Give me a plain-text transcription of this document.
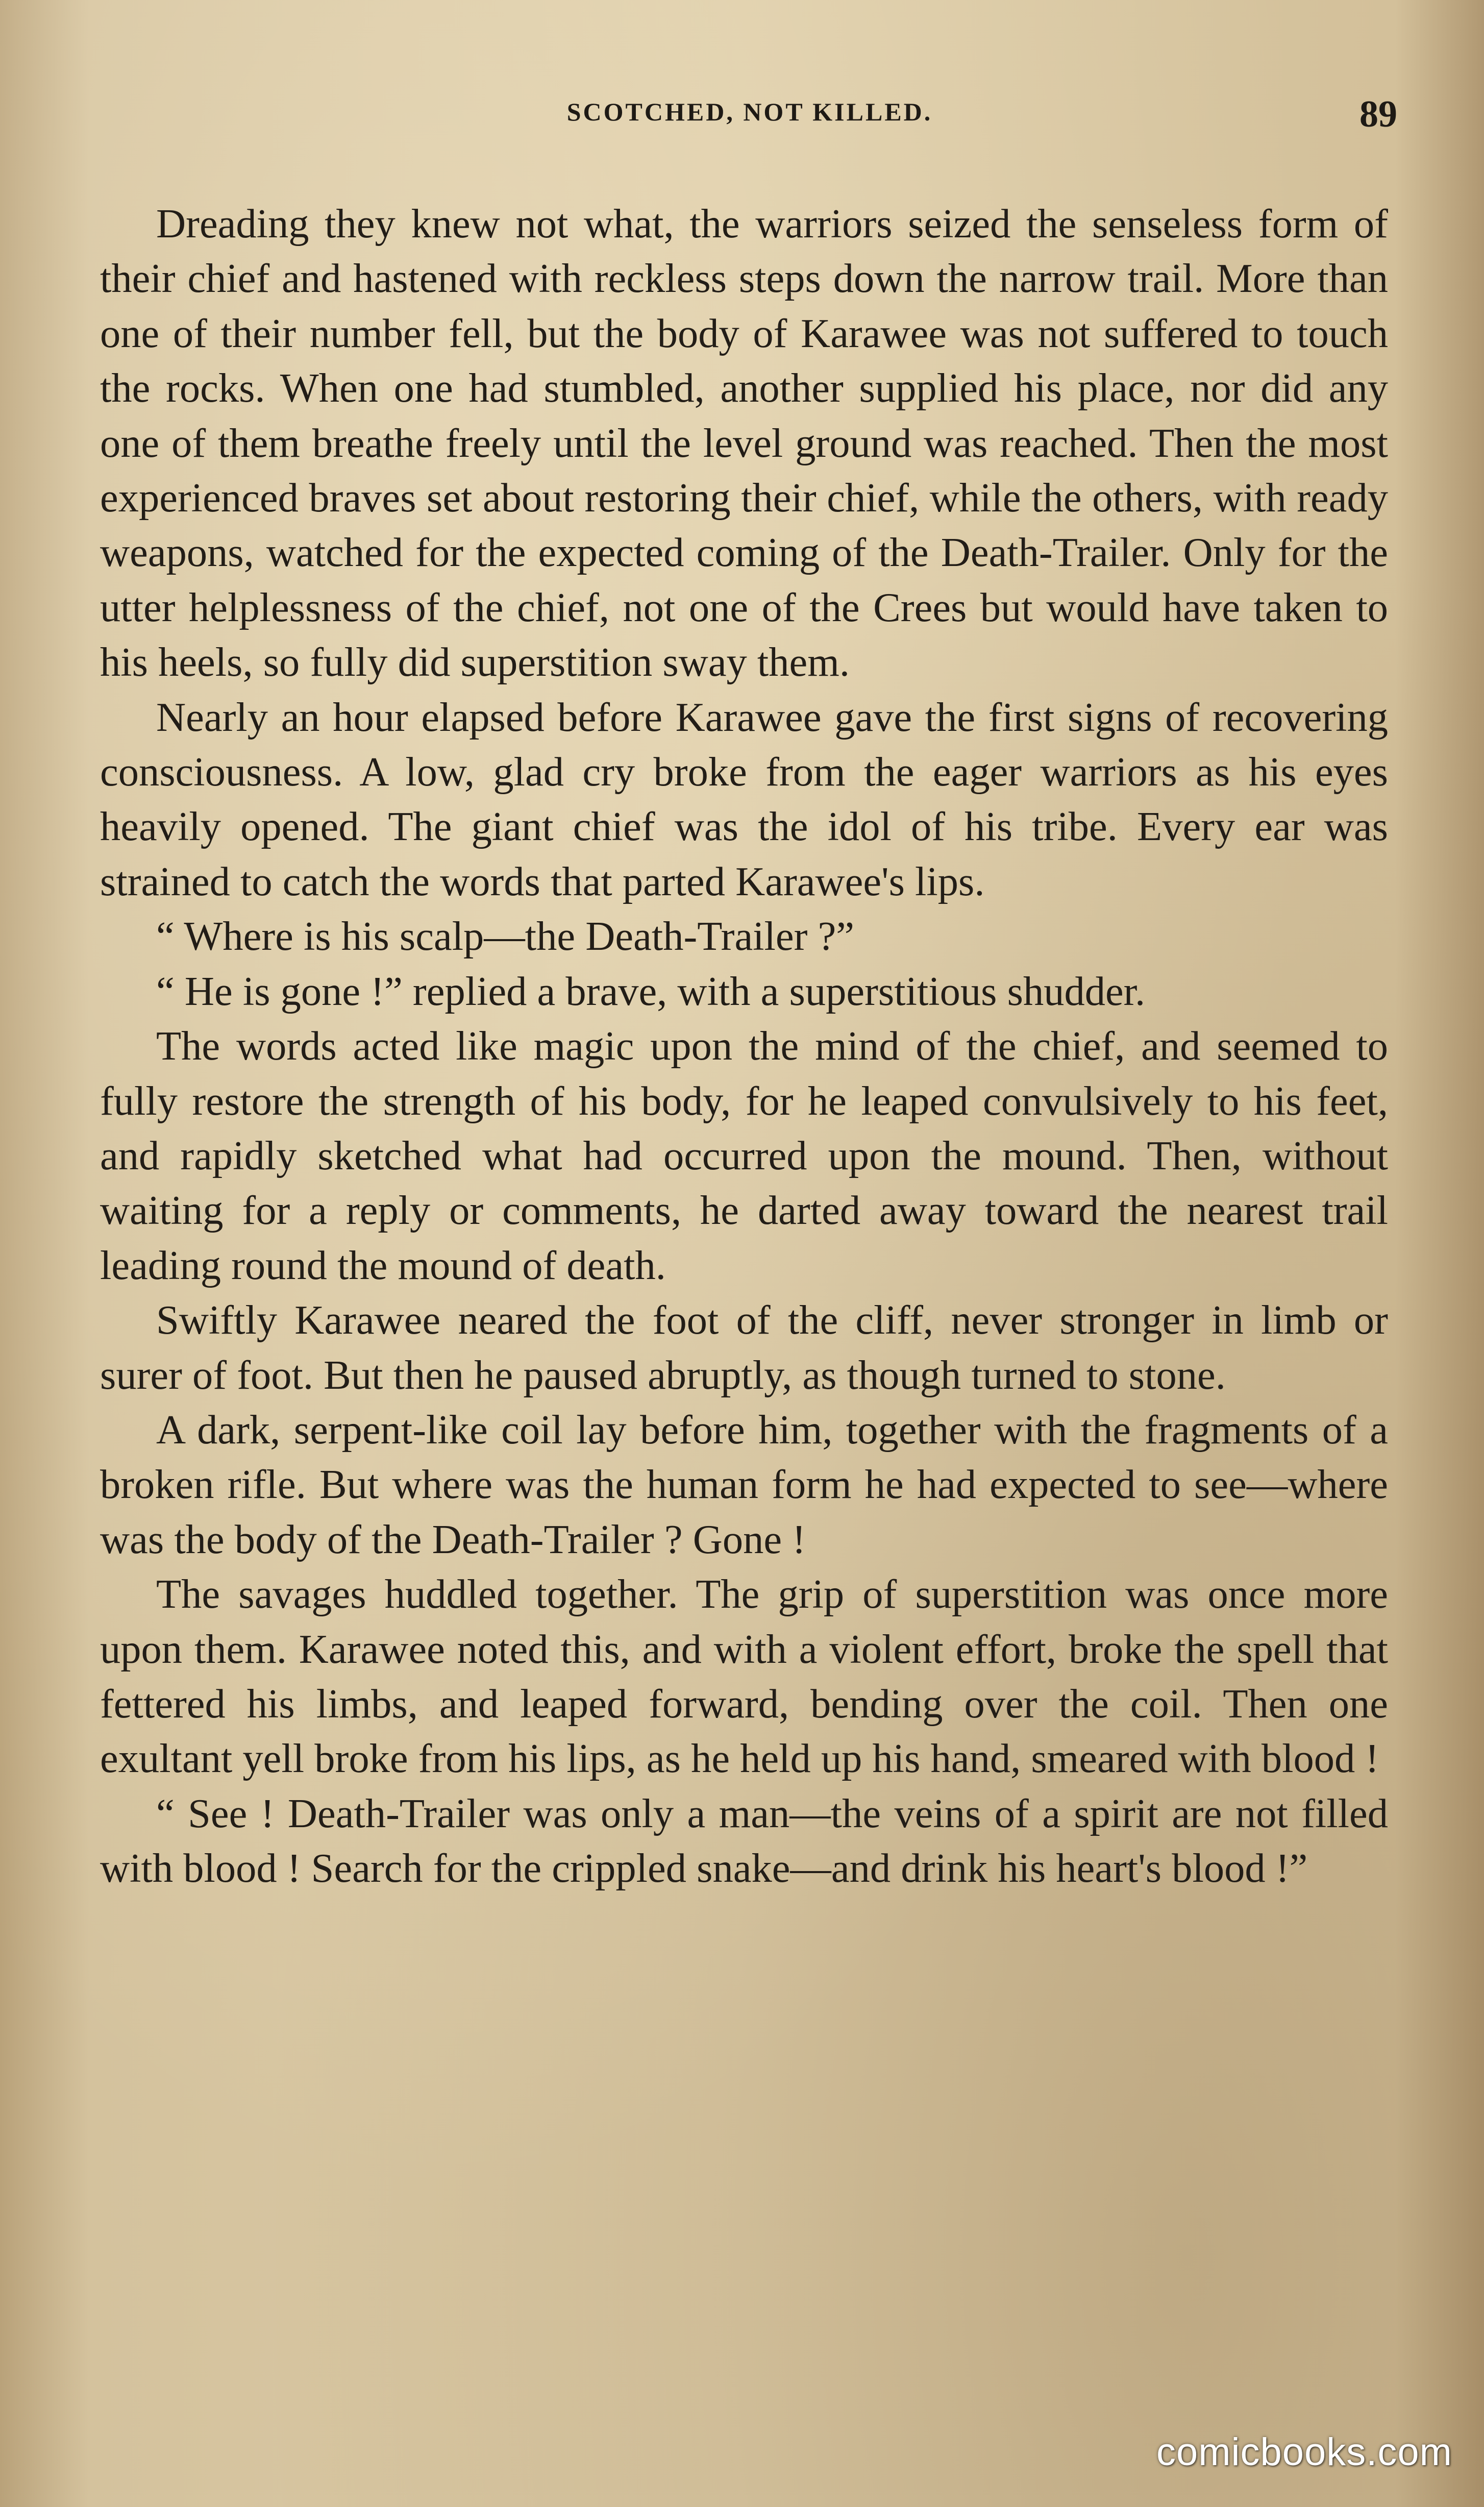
SCOTCHED, NOT KILLED.	89

Dreading they knew not what, the warriors seized the senseless form of their chief and hastened with reckless steps down the narrow trail. More than one of their number fell, but the body of Karawee was not suffered to touch the rocks. When one had stumbled, another supplied his place, nor did any one of them breathe freely until the level ground was reached. Then the most experienced braves set about restoring their chief, while the others, with ready weapons, watched for the expected coming of the Death-Trailer. Only for the utter helplessness of the chief, not one of the Crees but would have taken to his heels, so fully did superstition sway them.

Nearly an hour elapsed before Karawee gave the first signs of recovering consciousness. A low, glad cry broke from the eager warriors as his eyes heavily opened. The giant chief was the idol of his tribe. Every ear was strained to catch the words that parted Karawee's lips.

“ Where is his scalp—the Death-Trailer ?”

“ He is gone !” replied a brave, with a superstitious shudder.

The words acted like magic upon the mind of the chief, and seemed to fully restore the strength of his body, for he leaped convulsively to his feet, and rapidly sketched what had occurred upon the mound. Then, without waiting for a reply or comments, he darted away toward the nearest trail leading round the mound of death.

Swiftly Karawee neared the foot of the cliff, never stronger in limb or surer of foot. But then he paused abruptly, as though turned to stone.

A dark, serpent-like coil lay before him, together with the fragments of a broken rifle. But where was the human form he had expected to see—where was the body of the Death-Trailer ? Gone !

The savages huddled together. The grip of superstition was once more upon them. Karawee noted this, and with a violent effort, broke the spell that fettered his limbs, and leaped forward, bending over the coil. Then one exultant yell broke from his lips, as he held up his hand, smeared with blood !

“ See ! Death-Trailer was only a man—the veins of a spirit are not filled with blood ! Search for the crippled snake—and drink his heart's blood !”

comicbooks.com
